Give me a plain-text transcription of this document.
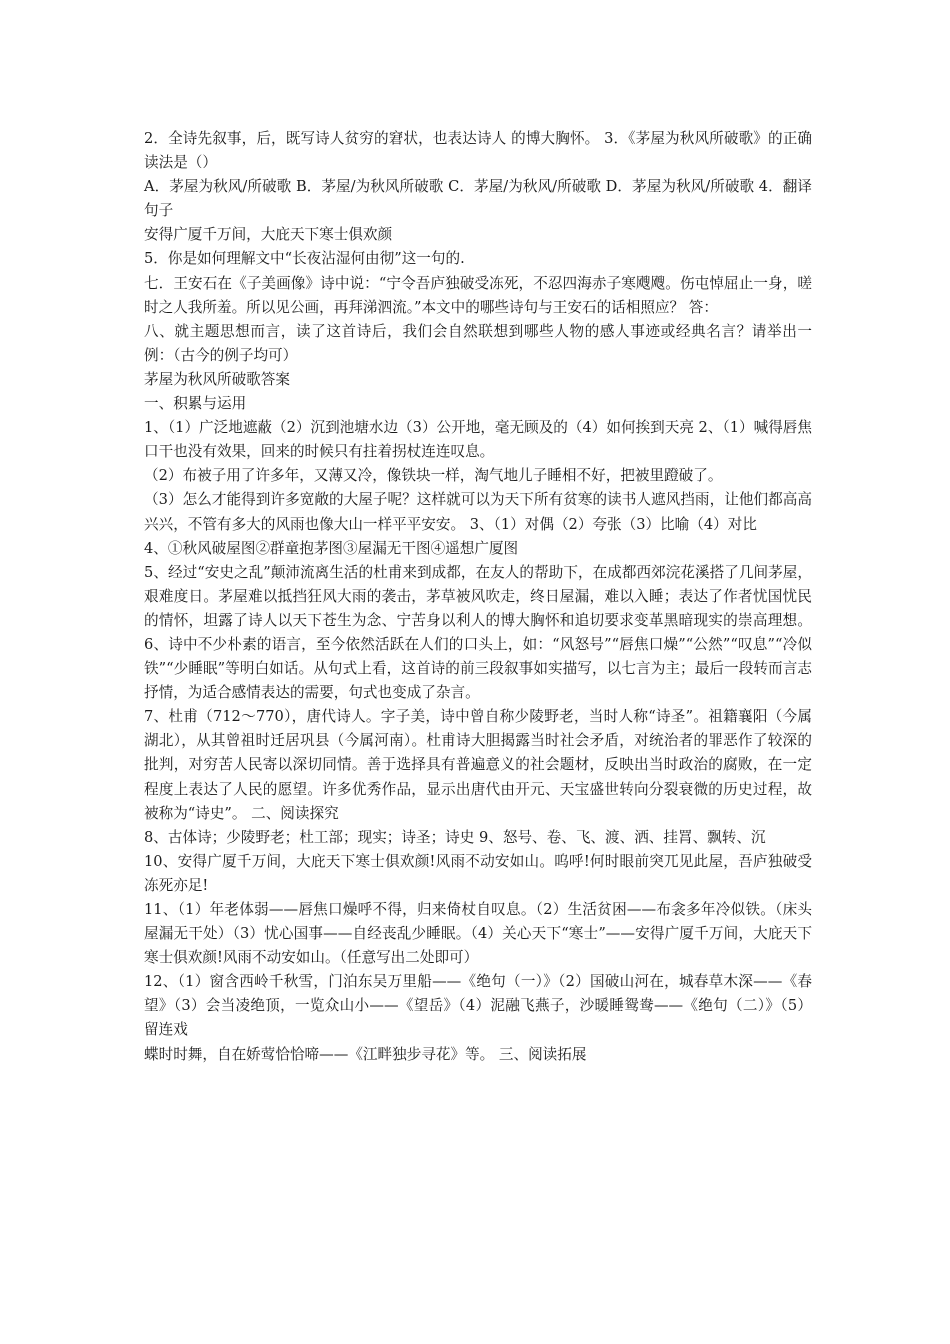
2．全诗先叙事，后，既写诗人贫穷的窘状，也表达诗人 的博大胸怀。 3．《茅屋为秋风所破歌》的正确读法是（）

A．茅屋为秋风/所破歌 B．茅屋/为秋风所破歌 C．茅屋/为秋风/所破歌 D．茅屋为秋风/所破歌 4．翻译句子

安得广厦千万间，大庇天下寒士俱欢颜

5．你是如何理解文中“长夜沾湿何由彻”这一句的.

七．王安石在《子美画像》诗中说：“宁令吾庐独破受冻死，不忍四海赤子寒飕飕。伤屯悼屈止一身，嗟时之人我所羞。所以见公画，再拜涕泗流。”本文中的哪些诗句与王安石的话相照应？ 答：

八、就主题思想而言，读了这首诗后，我们会自然联想到哪些人物的感人事迹或经典名言？请举出一例：（古今的例子均可）

茅屋为秋风所破歌答案

一、积累与运用

1、（1）广泛地遮蔽（2）沉到池塘水边（3）公开地，毫无顾及的（4）如何挨到天亮 2、（1）喊得唇焦口干也没有效果，回来的时候只有拄着拐杖连连叹息。

（2）布被子用了许多年，又薄又冷，像铁块一样，淘气地儿子睡相不好，把被里蹬破了。

（3）怎么才能得到许多宽敞的大屋子呢？这样就可以为天下所有贫寒的读书人遮风挡雨，让他们都高高兴兴，不管有多大的风雨也像大山一样平平安安。 3、（1）对偶（2）夸张（3）比喻（4）对比

4、①秋风破屋图②群童抱茅图③屋漏无干图④遥想广厦图

5、经过“安史之乱”颠沛流离生活的杜甫来到成都，在友人的帮助下，在成都西郊浣花溪搭了几间茅屋，艰难度日。茅屋难以抵挡狂风大雨的袭击，茅草被风吹走，终日屋漏，难以入睡；表达了作者忧国忧民的情怀，坦露了诗人以天下苍生为念、宁苦身以利人的博大胸怀和追切要求变革黑暗现实的崇高理想。 6、诗中不少朴素的语言，至今依然活跃在人们的口头上，如：“风怒号”“唇焦口燥”“公然”“叹息”“冷似铁”“少睡眠”等明白如话。从句式上看，这首诗的前三段叙事如实描写，以七言为主；最后一段转而言志抒情，为适合感情表达的需要，句式也变成了杂言。

7、杜甫（712～770），唐代诗人。字子美，诗中曾自称少陵野老，当时人称“诗圣”。祖籍襄阳（今属湖北），从其曾祖时迁居巩县（今属河南）。杜甫诗大胆揭露当时社会矛盾，对统治者的罪恶作了较深的批判，对穷苦人民寄以深切同情。善于选择具有普遍意义的社会题材，反映出当时政治的腐败，在一定程度上表达了人民的愿望。许多优秀作品，显示出唐代由开元、天宝盛世转向分裂衰微的历史过程，故被称为“诗史”。 二、阅读探究

8、古体诗；少陵野老；杜工部；现实；诗圣；诗史 9、怒号、卷、飞、渡、洒、挂罥、飘转、沉

10、安得广厦千万间，大庇天下寒士俱欢颜!风雨不动安如山。呜呼!何时眼前突兀见此屋，吾庐独破受冻死亦足!

11、（1）年老体弱——唇焦口燥呼不得，归来倚杖自叹息。（2）生活贫困——布衾多年冷似铁。（床头屋漏无干处）（3）忧心国事——自经丧乱少睡眠。（4）关心天下“寒士”——安得广厦千万间，大庇天下寒士俱欢颜!风雨不动安如山。（任意写出二处即可）

12、（1）窗含西岭千秋雪，门泊东吴万里船——《绝句（一）》（2）国破山河在，城春草木深——《春望》（3）会当凌绝顶，一览众山小——《望岳》（4）泥融飞燕子，沙暖睡鸳鸯——《绝句（二）》（5）留连戏

蝶时时舞，自在娇莺恰恰啼——《江畔独步寻花》等。 三、阅读拓展
